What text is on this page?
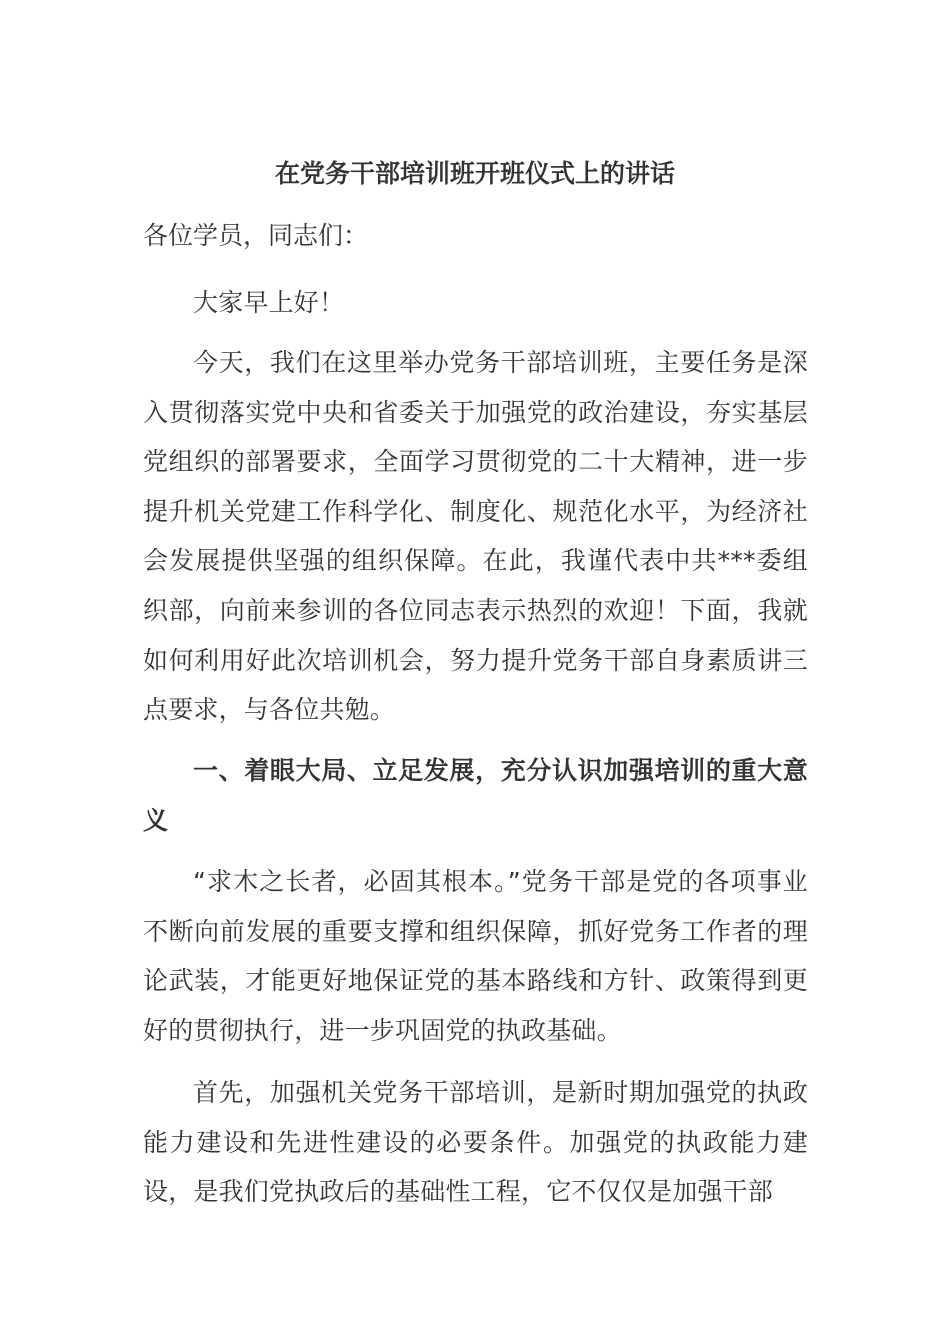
在党务干部培训班开班仪式上的讲话

各位学员，同志们：

大家早上好！

今天，我们在这里举办党务干部培训班，主要任务是深入贯彻落实党中央和省委关于加强党的政治建设，夯实基层党组织的部署要求，全面学习贯彻党的二十大精神，进一步提升机关党建工作科学化、制度化、规范化水平，为经济社会发展提供坚强的组织保障。在此，我谨代表中共***委组织部，向前来参训的各位同志表示热烈的欢迎！下面，我就如何利用好此次培训机会，努力提升党务干部自身素质讲三点要求，与各位共勉。

一、着眼大局、立足发展，充分认识加强培训的重大意义

“求木之长者，必固其根本。”党务干部是党的各项事业不断向前发展的重要支撑和组织保障，抓好党务工作者的理论武装，才能更好地保证党的基本路线和方针、政策得到更好的贯彻执行，进一步巩固党的执政基础。

首先，加强机关党务干部培训，是新时期加强党的执政能力建设和先进性建设的必要条件。加强党的执政能力建设，是我们党执政后的基础性工程，它不仅仅是加强干部
